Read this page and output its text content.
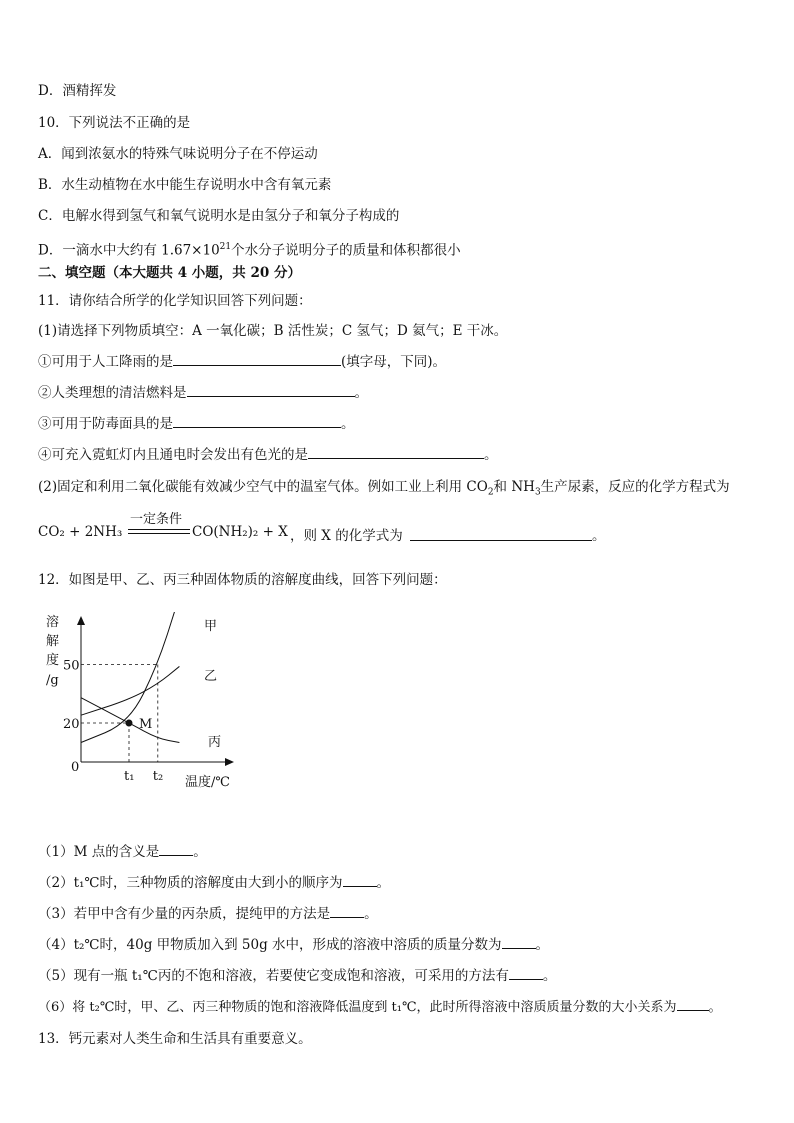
D．酒精挥发
10．下列说法不正确的是
A．闻到浓氨水的特殊气味说明分子在不停运动
B．水生动植物在水中能生存说明水中含有氧元素
C．电解水得到氢气和氧气说明水是由氢分子和氧分子构成的
D．一滴水中大约有 $1.67\times 10^{21}$个水分子说明分子的质量和体积都很小
二、填空题（本大题共 4 小题，共 20 分）
11．请你结合所学的化学知识回答下列问题：
(1)请选择下列物质填空：A 一氧化碳；B 活性炭；C 氢气；D 氦气；E 干冰。
①可用于人工降雨的是	(填字母，下同)。
②人类理想的清洁燃料是	。
③可用于防毒面具的是	。
④可充入霓虹灯内且通电时会发出有色光的是	。
(2)固定和利用二氧化碳能有效减少空气中的温室气体。例如工业上利用 $CO_2$和 $NH_3$生产尿素，反应的化学方程式为
CO₂ + 2NH₃
一定条件
CO(NH₂)₂ + X ，则 X 的化学式为	。
12．如图是甲、乙、丙三种固体物质的溶解度曲线，回答下列问题：
溶
解
度
/g
50
20
t₁ t₂
0
温度/℃
甲
乙
丙
M
（1）M 点的含义是	。
（2）t₁℃时，三种物质的溶解度由大到小的顺序为	。
（3）若甲中含有少量的丙杂质，提纯甲的方法是	。
（4）t₂℃时，40g 甲物质加入到 50g 水中，形成的溶液中溶质的质量分数为	。
（5）现有一瓶 t₁℃丙的不饱和溶液，若要使它变成饱和溶液，可采用的方法有	。
（6）将 t₂℃时，甲、乙、丙三种物质的饱和溶液降低温度到 t₁℃，此时所得溶液中溶质质量分数的大小关系为 。
13．钙元素对人类生命和生活具有重要意义。
